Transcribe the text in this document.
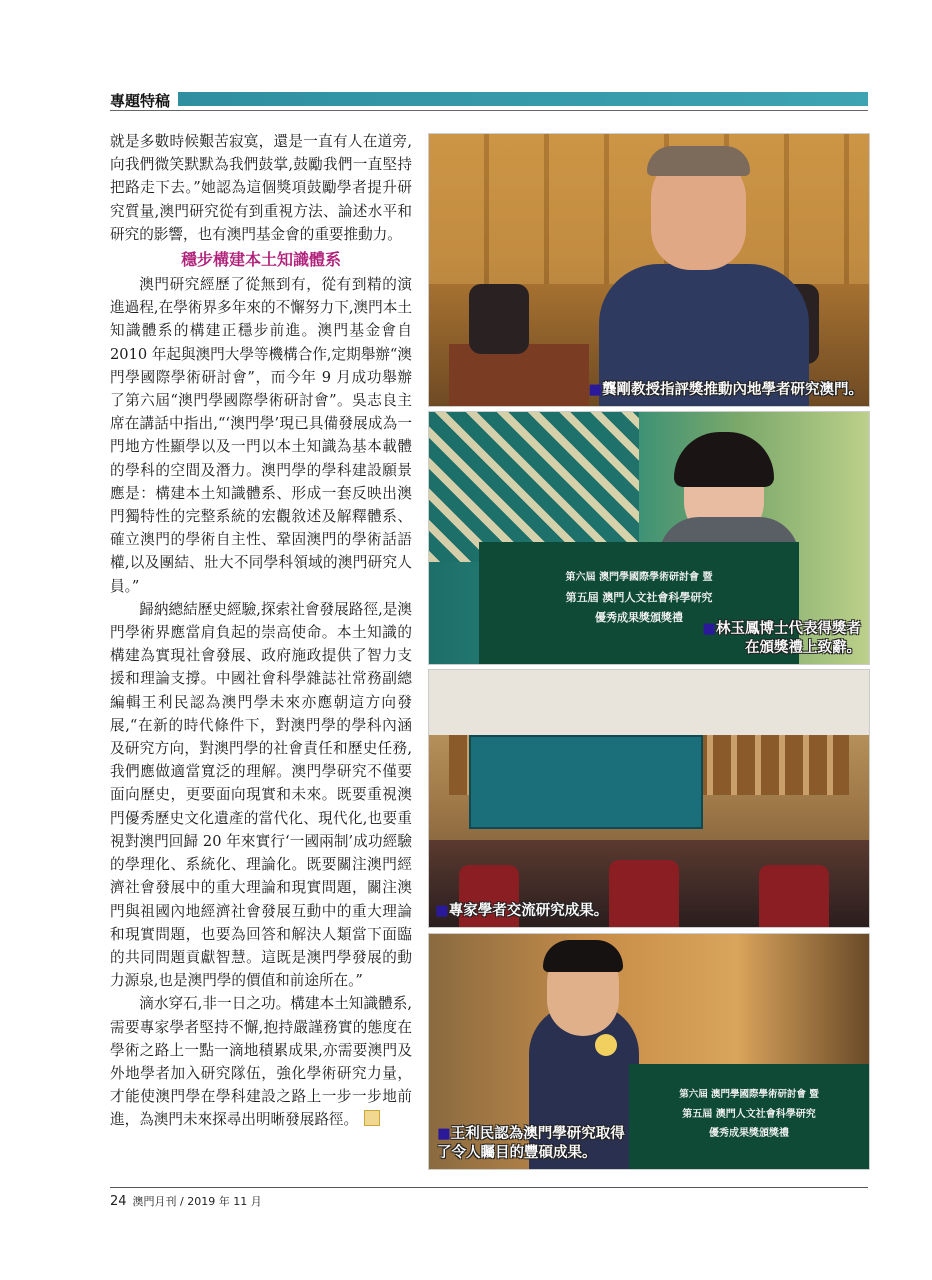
專題特稿

就是多數時候艱苦寂寞，還是一直有人在道旁,向我們微笑默默為我們鼓掌,鼓勵我們一直堅持把路走下去。”她認為這個獎項鼓勵學者提升研究質量,澳門研究從有到重視方法、論述水平和研究的影響，也有澳門基金會的重要推動力。

穩步構建本土知識體系

澳門研究經歷了從無到有，從有到精的演進過程,在學術界多年來的不懈努力下,澳門本土知識體系的構建正穩步前進。澳門基金會自 2010 年起與澳門大學等機構合作,定期舉辦“澳門學國際學術研討會”，而今年 9 月成功舉辦了第六屆“澳門學國際學術研討會”。吳志良主席在講話中指出,“‘澳門學’現已具備發展成為一門地方性顯學以及一門以本土知識為基本載體的學科的空間及潛力。澳門學的學科建設願景應是：構建本土知識體系、形成一套反映出澳門獨特性的完整系統的宏觀敘述及解釋體系、確立澳門的學術自主性、鞏固澳門的學術話語權,以及團結、壯大不同學科領域的澳門研究人員。”

歸納總結歷史經驗,探索社會發展路徑,是澳門學術界應當肩負起的崇高使命。本土知識的構建為實現社會發展、政府施政提供了智力支援和理論支撐。中國社會科學雜誌社常務副總編輯王利民認為澳門學未來亦應朝這方向發展,“在新的時代條件下，對澳門學的學科內涵及研究方向，對澳門學的社會責任和歷史任務,我們應做適當寬泛的理解。澳門學研究不僅要面向歷史，更要面向現實和未來。既要重視澳門優秀歷史文化遺產的當代化、現代化,也要重視對澳門回歸 20 年來實行‘一國兩制’成功經驗的學理化、系統化、理論化。既要關注澳門經濟社會發展中的重大理論和現實問題，關注澳門與祖國內地經濟社會發展互動中的重大理論和現實問題，也要為回答和解決人類當下面臨的共同問題貢獻智慧。這既是澳門學發展的動力源泉,也是澳門學的價值和前途所在。”

滴水穿石,非一日之功。構建本土知識體系,需要專家學者堅持不懈,抱持嚴謹務實的態度在學術之路上一點一滴地積累成果,亦需要澳門及外地學者加入研究隊伍，強化學術研究力量，才能使澳門學在學科建設之路上一步一步地前進，為澳門未來探尋出明晰發展路徑。

■龔剛教授指評獎推動內地學者研究澳門。
第六屆 澳門學國際學術研討會 暨
第五屆 澳門人文社會科學研究
優秀成果獎頒獎禮
■林玉鳳博士代表得獎者
在頒獎禮上致辭。
■專家學者交流研究成果。
第六屆 澳門學國際學術研討會 暨
第五屆 澳門人文社會科學研究
優秀成果獎頒獎禮
■王利民認為澳門學研究取得
了令人矚目的豐碩成果。
24 澳門月刊 / 2019 年 11 月
